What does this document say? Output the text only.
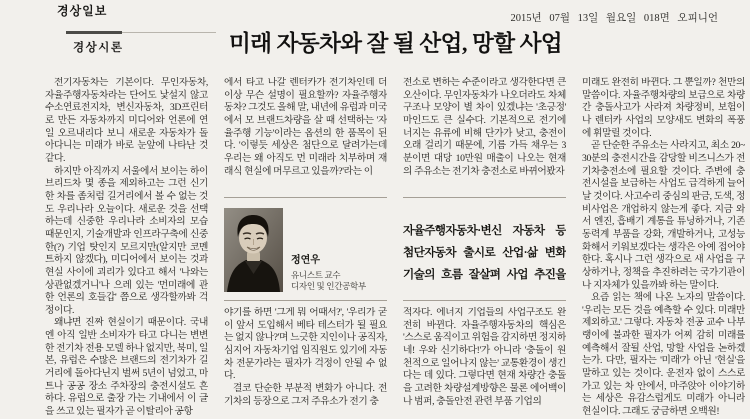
경상일보
2015년 07월 13일 월요일 018면 오피니언
경상시론	미래 자동차와 잘 될 산업, 망할 사업

전기자동차는 기본이다. 무인자동차, 자율주행자동차라는 단어도 낯설지 않고 수소연료전지차, 변신자동차, 3D프린터로 만든 자동차까지 미디어와 언론에 연일 오르내리다 보니 새로운 자동차가 돌아다니는 미래가 바로 눈앞에 나타난 것 같다.

하지만 아직까지 서울에서 보이는 하이브리드차 몇 종을 제외하고는 그런 신기한 차를 좀처럼 길거리에서 볼 수 없는 것도 우리나라 오늘이다. 새로운 것을 선택하는데 신중한 우리나라 소비자의 모습 때문인지, 기술개발과 인프라구축에 신중한(?) 기업 탓인지 모르지만(알지만 코멘트하지 않겠다), 미디어에서 보이는 것과 현실 사이에 괴리가 있다고 해서 '나와는 상관없겠거니'나 으레 있는 '먼미래에 관한 언론의 호들갑' 쯤으로 생각할까봐 걱정이다.

왜냐면 진짜 현실이기 때문이다. 국내엔 아직 일반 소비자가 타고 다니는 변변한 전기차 전용 모델 하나 없지만, 북미, 일본, 유럽은 수많은 브랜드의 전기차가 길거리에 돌아다닌지 벌써 5년이 넘었고, 마트나 공공 장소 주차장의 충전시설도 흔하다. 유럽으로 출장 가는 기내에서 이 글을 쓰고 있는 필자가 곧 이탈리아 공항

에서 타고 나갈 렌터카가 전기차인데 더 이상 무슨 설명이 필요할까? 자율주행자동차? 그것도 올해 말, 내년에 유럽과 미국에서 모 브랜드차량을 살 때 선택하는 '자율주행 기능'이라는 옵션의 한 품목이 된다. '이렇듯 세상은 첨단으로 달려가는데 우리는 왜 아직도 먼 미래라 치부하며 재래식 현실에 머무르고 있을까?'라는 이

정연우
유니스트 교수
디자인 및 인간공학부

야기를 하면 '그게 뭐 어때서?', '우리가 굳이 앞서 도입해서 베타 테스터가 될 필요는 없지 않나?'며 느긋한 지인이나 공직자, 심지어 자동차기업 임직원도 있기에 자동차 전문가라는 필자가 걱정이 안될 수 없다.

결코 단순한 부분적 변화가 아니다. 전기차의 등장으로 그저 주유소가 전기 충

전소로 변하는 수준이라고 생각한다면 큰 오산이다. 무인자동차가 나오더라도 차체 구조나 모양이 별 차이 있겠냐는 '초긍정' 마인드도 큰 실수다. 기본적으로 전기에너지는 유류에 비해 단가가 낮고, 충전이 오래 걸리기 때문에, 기름 가득 채우는 3분이면 대당 10만원 매출이 나오는 현재의 주유소는 전기차 충전소로 바뀌어봤자

자율주행자동차·변신 자동차 등
첨단자동차 출시로 산업·삶 변화
기술의 흐름 잘살펴 사업 추진을

적자다. 에너지 기업들의 사업구조도 완전히 바뀐다. 자율주행자동차의 핵심은 '스스로 움직이고 위험을 감지하면 정지하네! 우와 신기하다!'가 아니라 '충돌이 원천적으로 일어나지 않는' 교통환경이 생긴다는 데 있다. 그렇다면 현재 차량간 충돌을 고려한 차량설계방향은 물론 에어백이나 범퍼, 충돌안전 관련 부품 기업의

미래도 완전히 바뀐다. 그 뿐일까? 천만의 말씀이다. 자율주행차량의 보급으로 차량간 충돌사고가 사라져 차량정비, 보험이나 렌터카 사업의 모양새도 변화의 폭풍에 휘말릴 것이다.

곧 단순한 주유소는 사라지고, 최소 20~30분의 충전시간을 감당할 비즈니스가 전기차충전소에 필요할 것이다. 주변에 충전시설을 보급하는 사업도 급격하게 늘어날 것이다. 사고수리 중심의 판금, 도색, 정비사업은 개업하지 않는게 좋다. 지금 와서 엔진, 흡배기 계통을 튜닝하거나, 기존 동력계 부품을 강화, 개발하거나, 고성능화해서 키워보겠다는 생각은 아예 접어야 한다. 혹시나 그런 생각으로 새 사업을 구상하거나, 정책을 추진하려는 국가기관이나 지자체가 있을까봐 하는 말이다.

요즘 읽는 책에 나온 노자의 말씀이다. '우리는 모든 것을 예측할 수 있다. 미래만 제외하고.' 그렇다. 자동차 전공 교수 나부랭이에 불과한 필자가 어찌 감히 미래를 예측해서 잘될 산업, 망할 사업을 논하겠는가. 다만, 필자는 '미래'가 아닌 '현실'을 말하고 있는 것이다. 운전자 없이 스스로 가고 있는 차 안에서, 마주앉아 이야기하는 세상은 유감스럽게도 미래가 아니라 현실이다. 그래도 궁금하면 오백원!
